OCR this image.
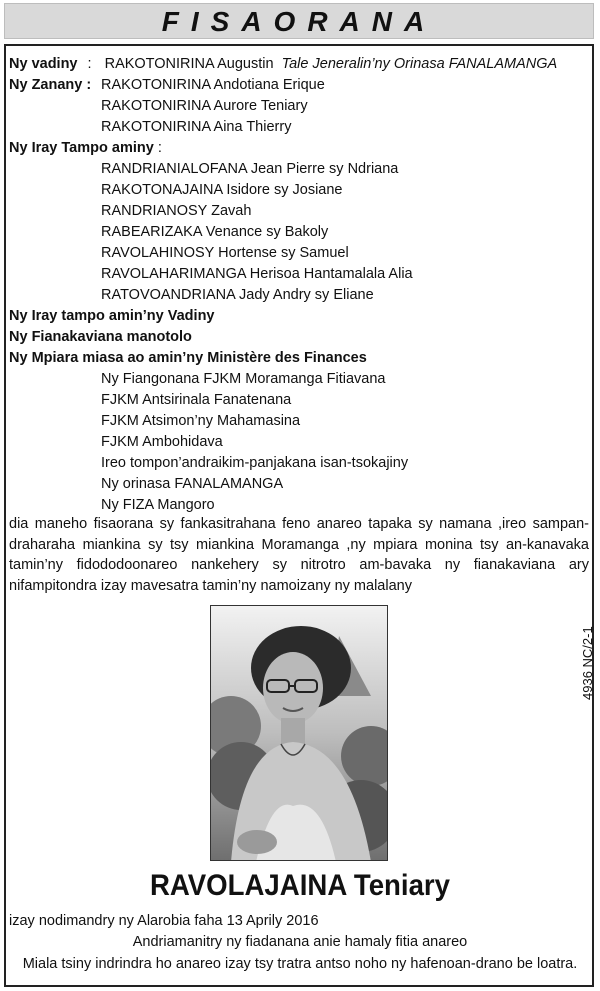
FISAORANA
Ny vadiny : RAKOTONIRINA Augustin Tale Jeneralin’ny Orinasa FANALAMANGA
Ny Zanany : RAKOTONIRINA Andotiana Erique
RAKOTONIRINA Aurore Teniary
RAKOTONIRINA Aina Thierry
Ny Iray Tampo aminy :
RANDRIANIALOFANA Jean Pierre sy Ndriana
RAKOTONAJAINA Isidore sy Josiane
RANDRIANOSY Zavah
RABEARIZAKA Venance sy Bakoly
RAVOLAHINOSY Hortense sy Samuel
RAVOLAHARIMANGA Herisoa Hantamalala Alia
RATOVOANDRIANA Jady Andry sy Eliane
Ny Iray tampo amin’ny Vadiny
Ny Fianakaviana manotolo
Ny Mpiara miasa ao amin’ny Ministère des Finances
Ny Fiangonana FJKM Moramanga Fitiavana
FJKM Antsirinala Fanatenana
FJKM Atsimon’ny Mahamasina
FJKM Ambohidava
Ireo tompon’andraikim-panjakana isan-tsokajiny
Ny orinasa FANALAMANGA
Ny FIZA Mangoro
dia maneho fisaorana sy fankasitrahana feno anareo tapaka sy namana ,ireo sampan-draharaha miankina sy tsy miankina Moramanga ,ny mpiara monina tsy an-kanavaka tamin’ny fidododoonareo nankehery sy nitrotro am-bavaka ny fianakaviana ary nifampitondra izay mavesatra tamin’ny namoizany ny malalany
4936 NC/2-1
RAVOLAJAINA Teniary
izay nodimandry ny Alarobia faha 13 Aprily 2016
Andriamanitry ny fiadanana anie hamaly fitia anareo
Miala tsiny indrindra ho anareo izay tsy tratra antso noho ny hafenoan-drano be loatra.
